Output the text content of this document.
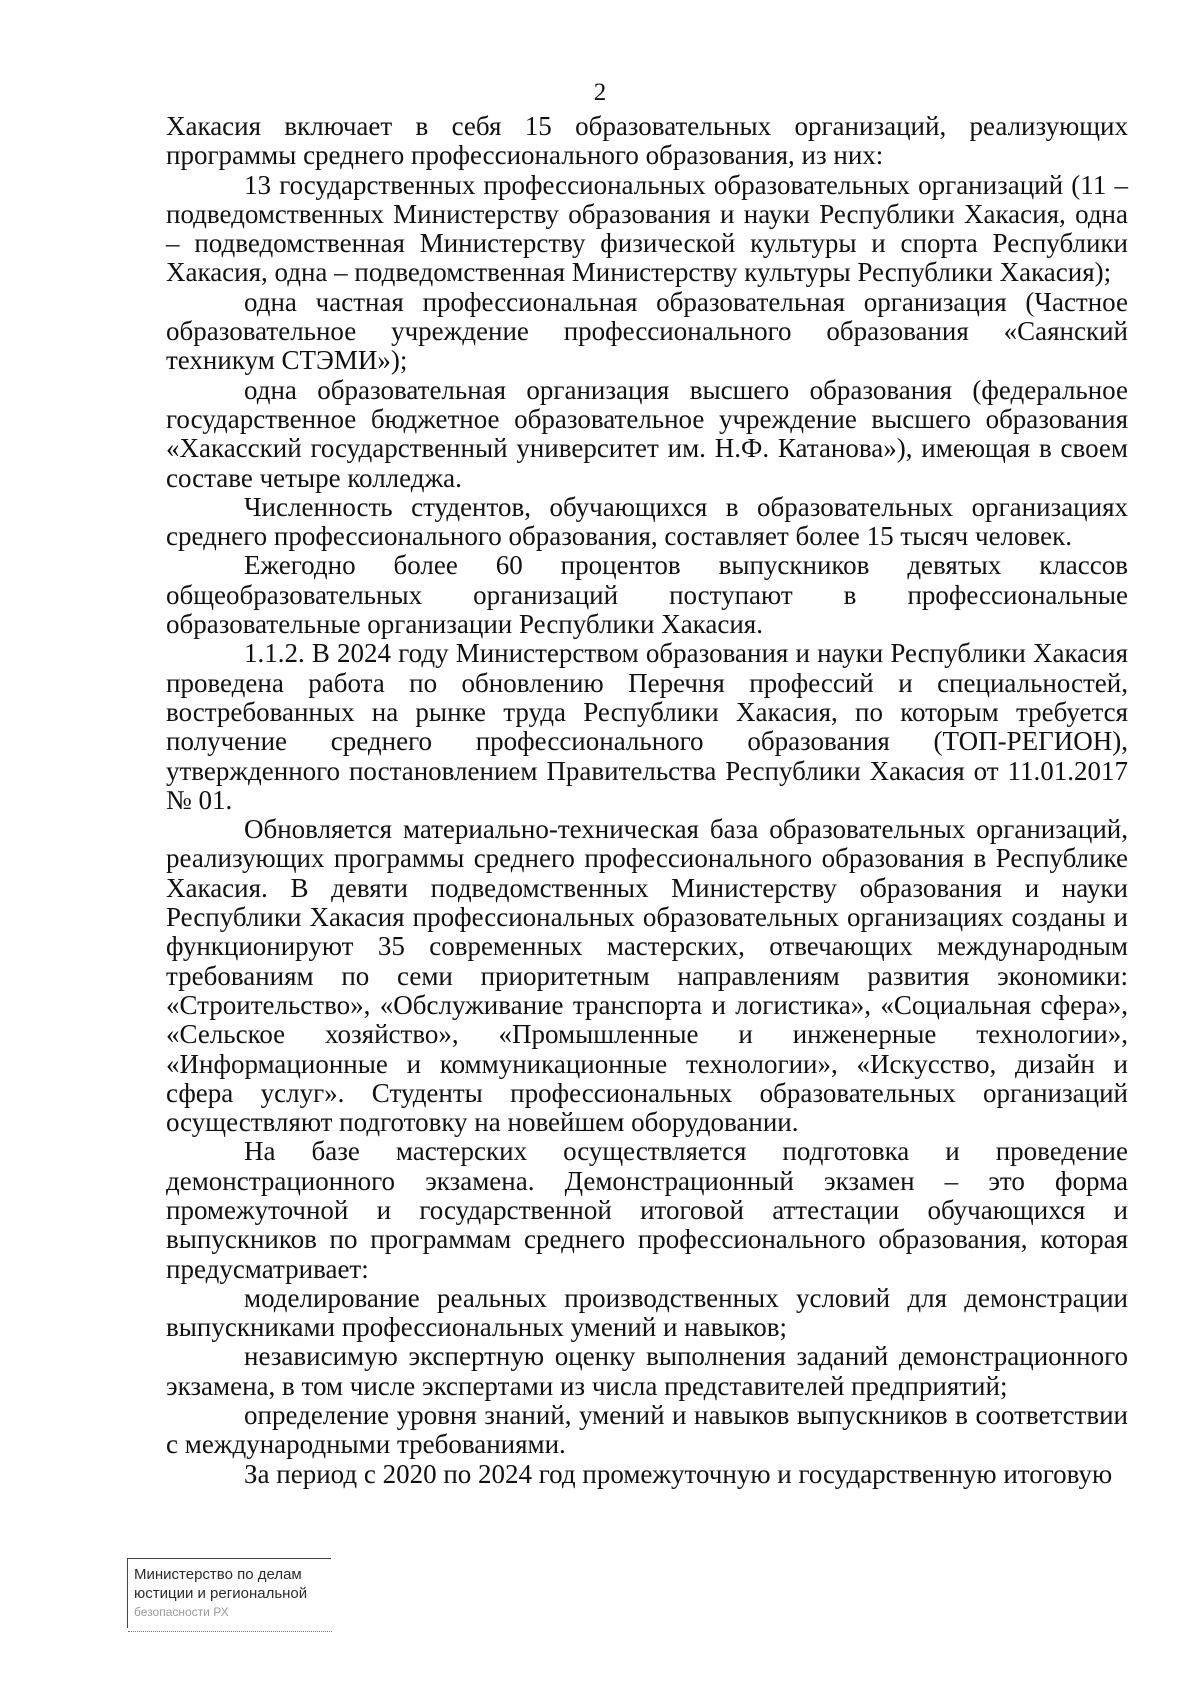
2

Хакасия включает в себя 15 образовательных организаций, реализующих программы среднего профессионального образования, из них:

13 государственных профессиональных образовательных организаций (11 – подведомственных Министерству образования и науки Республики Хакасия, одна – подведомственная Министерству физической культуры и спорта Республики Хакасия, одна – подведомственная Министерству культуры Республики Хакасия);

одна частная профессиональная образовательная организация (Частное образовательное учреждение профессионального образования «Саянский техникум СТЭМИ»);

одна образовательная организация высшего образования (федеральное государственное бюджетное образовательное учреждение высшего образования «Хакасский государственный университет им. Н.Ф. Катанова»), имеющая в своем составе четыре колледжа.

Численность студентов, обучающихся в образовательных организациях среднего профессионального образования, составляет более 15 тысяч человек.

Ежегодно более 60 процентов выпускников девятых классов общеобразовательных организаций поступают в профессиональные образовательные организации Республики Хакасия.

1.1.2. В 2024 году Министерством образования и науки Республики Хакасия проведена работа по обновлению Перечня профессий и специальностей, востребованных на рынке труда Республики Хакасия, по которым требуется получение среднего профессионального образования (ТОП-РЕГИОН), утвержденного постановлением Правительства Республики Хакасия от 11.01.2017 № 01.

Обновляется материально-техническая база образовательных организаций, реализующих программы среднего профессионального образования в Республике Хакасия. В девяти подведомственных Министерству образования и науки Республики Хакасия профессиональных образовательных организациях созданы и функционируют 35 современных мастерских, отвечающих международным требованиям по семи приоритетным направлениям развития экономики: «Строительство», «Обслуживание транспорта и логистика», «Социальная сфера», «Сельское хозяйство», «Промышленные и инженерные технологии», «Информационные и коммуникационные технологии», «Искусство, дизайн и сфера услуг». Студенты профессиональных образовательных организаций осуществляют подготовку на новейшем оборудовании.

На базе мастерских осуществляется подготовка и проведение демонстрационного экзамена. Демонстрационный экзамен – это форма промежуточной и государственной итоговой аттестации обучающихся и выпускников по программам среднего профессионального образования, которая предусматривает:

моделирование реальных производственных условий для демонстрации выпускниками профессиональных умений и навыков;

независимую экспертную оценку выполнения заданий демонстрационного экзамена, в том числе экспертами из числа представителей предприятий;

определение уровня знаний, умений и навыков выпускников в соответствии с международными требованиями.

За период с 2020 по 2024 год промежуточную и государственную итоговую

Министерство по делам
юстиции и региональной
безопасности РХ
